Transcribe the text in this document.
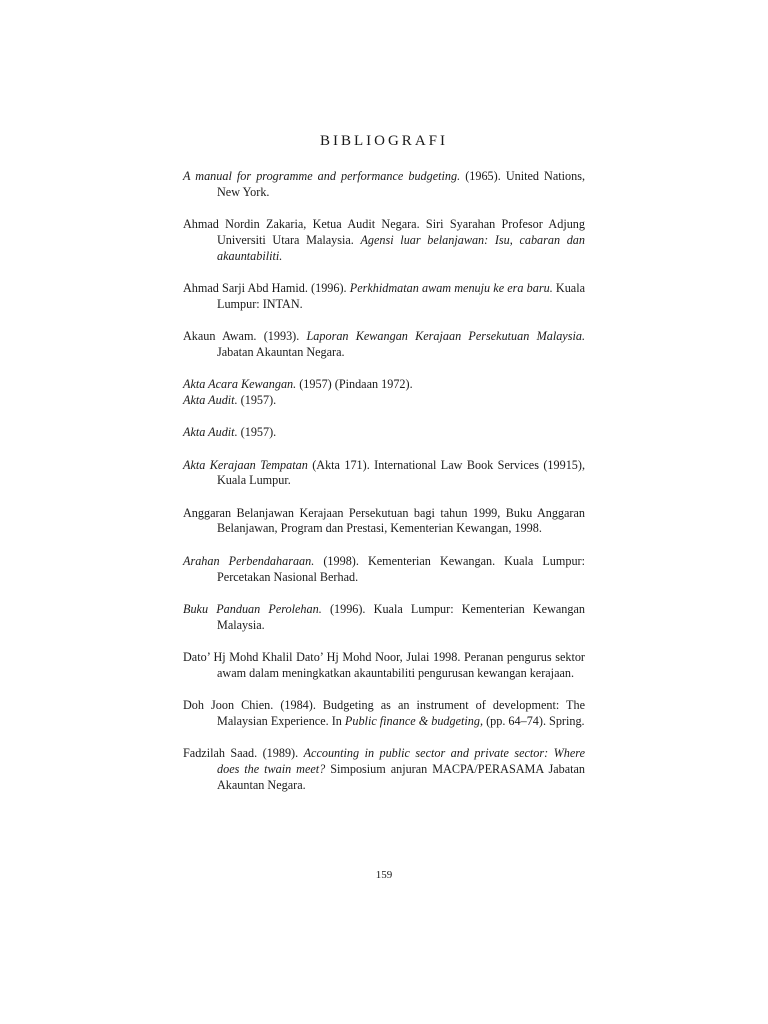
BIBLIOGRAFI
A manual for programme and performance budgeting. (1965). United Nations, New York.
Ahmad Nordin Zakaria, Ketua Audit Negara. Siri Syarahan Profesor Adjung Universiti Utara Malaysia. Agensi luar belanjawan: Isu, cabaran dan akauntabiliti.
Ahmad Sarji Abd Hamid. (1996). Perkhidmatan awam menuju ke era baru. Kuala Lumpur: INTAN.
Akaun Awam. (1993). Laporan Kewangan Kerajaan Persekutuan Malaysia. Jabatan Akauntan Negara.
Akta Acara Kewangan. (1957) (Pindaan 1972).
Akta Audit. (1957).
Akta Audit. (1957).
Akta Kerajaan Tempatan (Akta 171). International Law Book Services (19915), Kuala Lumpur.
Anggaran Belanjawan Kerajaan Persekutuan bagi tahun 1999, Buku Anggaran Belanjawan, Program dan Prestasi, Kementerian Kewangan, 1998.
Arahan Perbendaharaan. (1998). Kementerian Kewangan. Kuala Lumpur: Percetakan Nasional Berhad.
Buku Panduan Perolehan. (1996). Kuala Lumpur: Kementerian Kewangan Malaysia.
Dato’ Hj Mohd Khalil Dato’ Hj Mohd Noor, Julai 1998. Peranan pengurus sektor awam dalam meningkatkan akauntabiliti pengurusan kewangan kerajaan.
Doh Joon Chien. (1984). Budgeting as an instrument of development: The Malaysian Experience. In Public finance & budgeting, (pp. 64–74). Spring.
Fadzilah Saad. (1989). Accounting in public sector and private sector: Where does the twain meet? Simposium anjuran MACPA/PERASAMA Jabatan Akauntan Negara.
159
